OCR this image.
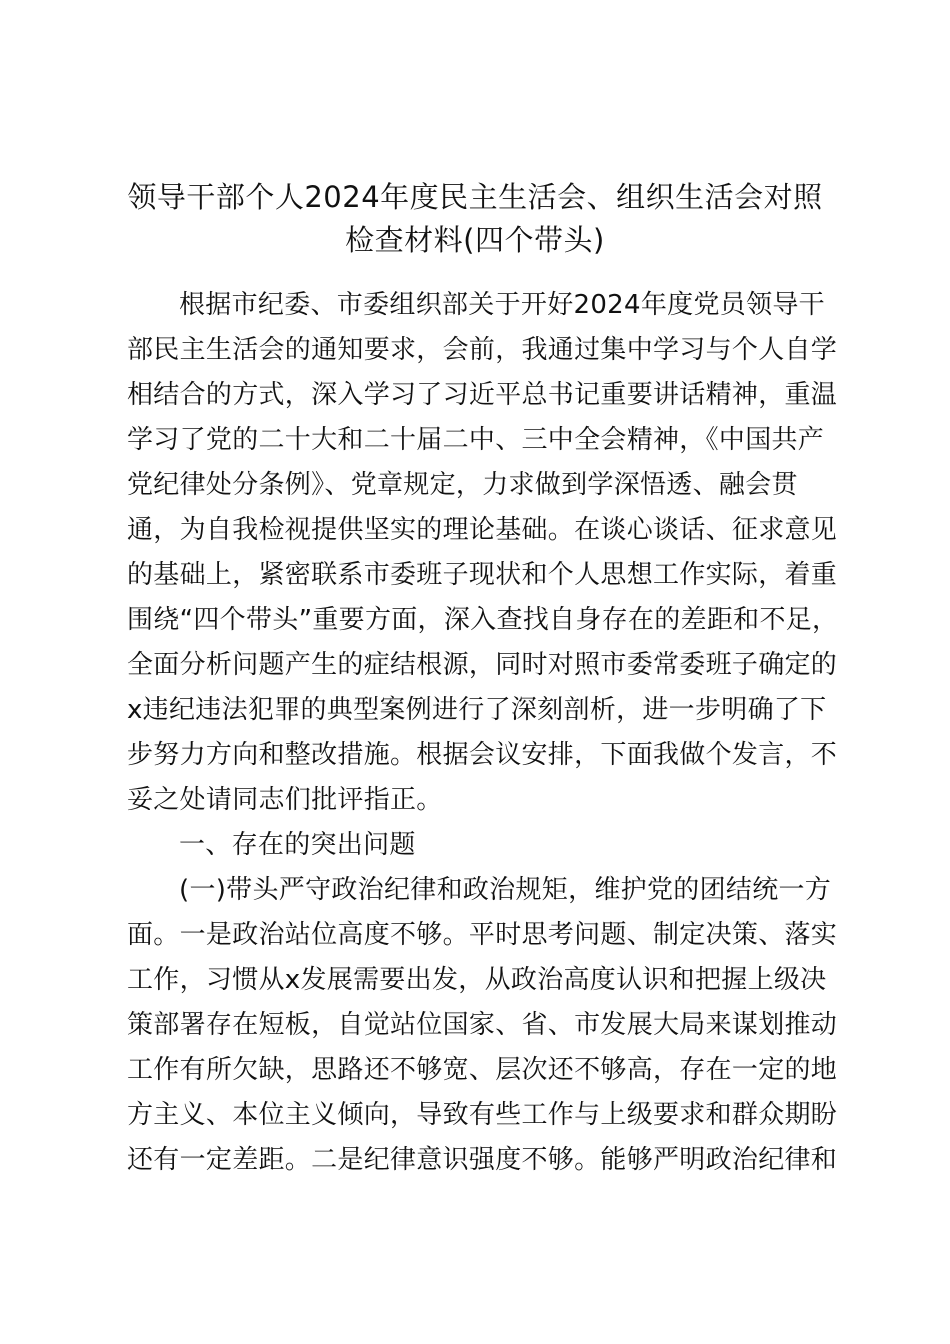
领导干部个人2024年度民主生活会、组织生活会对照
检查材料(四个带头)
根据市纪委、市委组织部关于开好2024年度党员领导干
部民主生活会的通知要求，会前，我通过集中学习与个人自学
相结合的方式，深入学习了习近平总书记重要讲话精神，重温
学习了党的二十大和二十届二中、三中全会精神，《中国共产
党纪律处分条例》、党章规定，力求做到学深悟透、融会贯
通，为自我检视提供坚实的理论基础。在谈心谈话、征求意见
的基础上，紧密联系市委班子现状和个人思想工作实际，着重
围绕“四个带头”重要方面，深入查找自身存在的差距和不足，
全面分析问题产生的症结根源，同时对照市委常委班子确定的
x违纪违法犯罪的典型案例进行了深刻剖析，进一步明确了下
步努力方向和整改措施。根据会议安排，下面我做个发言，不
妥之处请同志们批评指正。
一、存在的突出问题
(一)带头严守政治纪律和政治规矩，维护党的团结统一方
面。一是政治站位高度不够。平时思考问题、制定决策、落实
工作，习惯从x发展需要出发，从政治高度认识和把握上级决
策部署存在短板，自觉站位国家、省、市发展大局来谋划推动
工作有所欠缺，思路还不够宽、层次还不够高，存在一定的地
方主义、本位主义倾向，导致有些工作与上级要求和群众期盼
还有一定差距。二是纪律意识强度不够。能够严明政治纪律和
